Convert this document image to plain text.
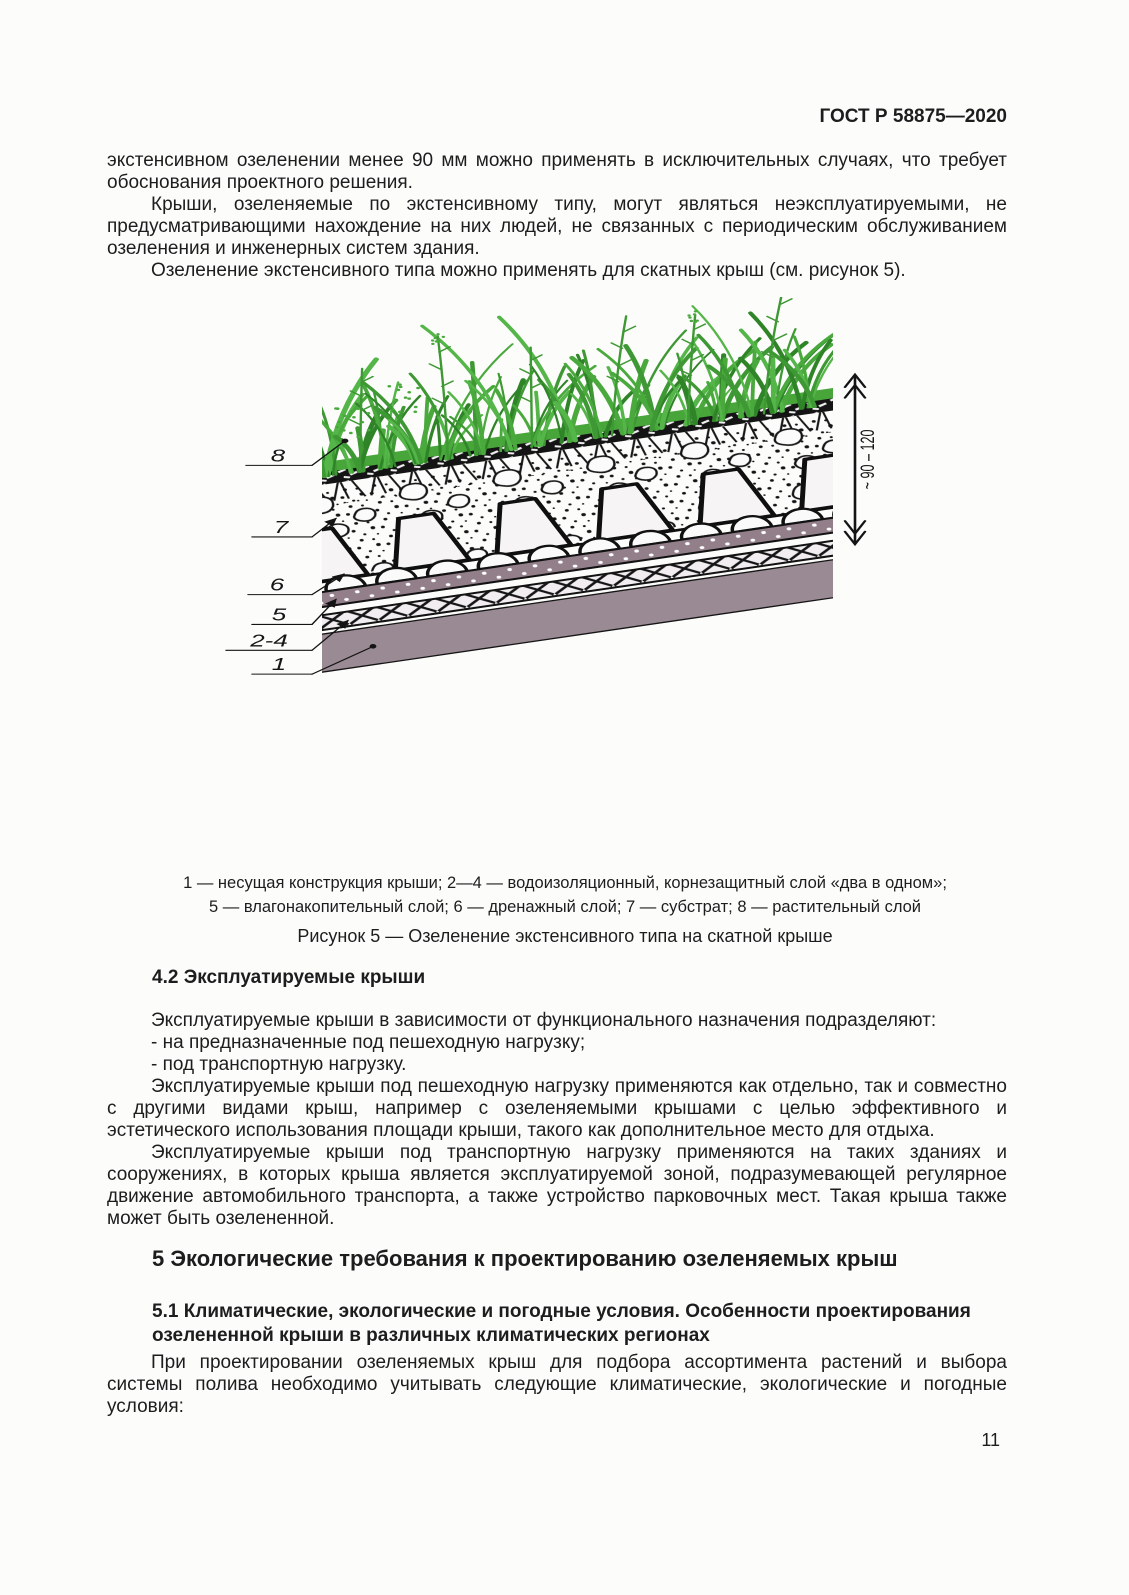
ГОСТ Р 58875—2020
экстенсивном озеленении менее 90 мм можно применять в исключительных случаях, что требует обоснования проектного решения.
Крыши, озеленяемые по экстенсивному типу, могут являться неэксплуатируемыми, не предусматривающими нахождение на них людей, не связанных с периодическим обслуживанием озеленения и инженерных систем здания.
Озеленение экстенсивного типа можно применять для скатных крыш (см. рисунок 5).
8
7
6
5
2-4
1
~ 90 – 120
1 — несущая конструкция крыши; 2—4 — водоизоляционный, корнезащитный слой «два в одном»;
5 — влагонакопительный слой; 6 — дренажный слой; 7 — субстрат; 8 — растительный слой
Рисунок 5 — Озеленение экстенсивного типа на скатной крыше
4.2 Эксплуатируемые крыши
Эксплуатируемые крыши в зависимости от функционального назначения подразделяют:
- на предназначенные под пешеходную нагрузку;
- под транспортную нагрузку.
Эксплуатируемые крыши под пешеходную нагрузку применяются как отдельно, так и совместно с другими видами крыш, например с озеленяемыми крышами с целью эффективного и эстетического использования площади крыши, такого как дополнительное место для отдыха.
Эксплуатируемые крыши под транспортную нагрузку применяются на таких зданиях и сооружениях, в которых крыша является эксплуатируемой зоной, подразумевающей регулярное движение автомобильного транспорта, а также устройство парковочных мест. Такая крыша также может быть озелененной.
5 Экологические требования к проектированию озеленяемых крыш
5.1 Климатические, экологические и погодные условия. Особенности проектирования озелененной крыши в различных климатических регионах
При проектировании озеленяемых крыш для подбора ассортимента растений и выбора системы полива необходимо учитывать следующие климатические, экологические и погодные условия:
11
